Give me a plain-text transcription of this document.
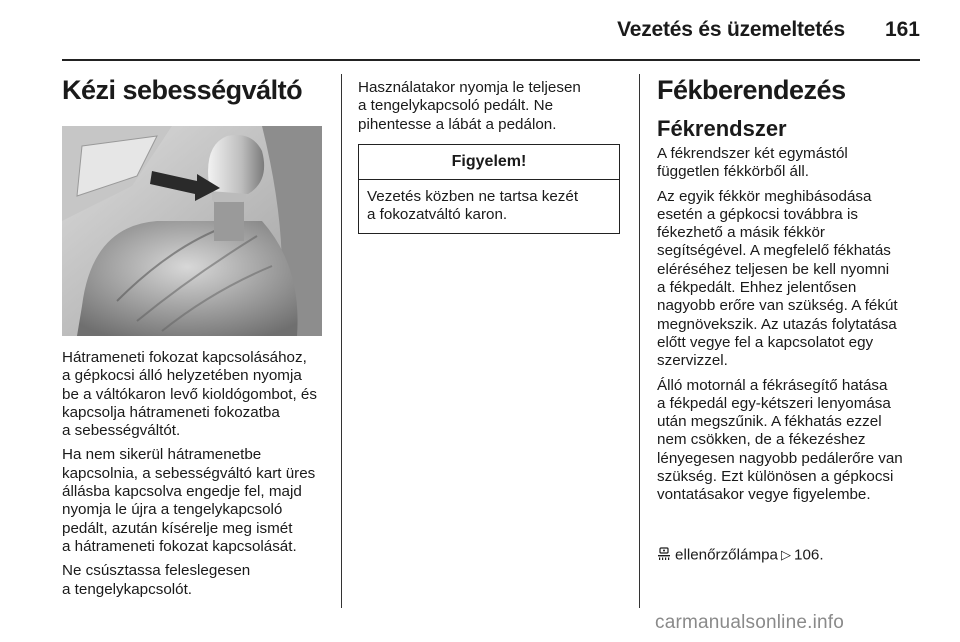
Vezetés és üzemeltetés	161
Kézi sebességváltó

Hátrameneti fokozat kapcsolásához,
a gépkocsi álló helyzetében nyomja
be a váltókaron levő kioldógombot, és
kapcsolja hátrameneti fokozatba
a sebességváltót.

Ha nem sikerül hátramenetbe
kapcsolnia, a sebességváltó kart üres
állásba kapcsolva engedje fel, majd
nyomja le újra a tengelykapcsoló
pedált, azután kísérelje meg ismét
a hátrameneti fokozat kapcsolását.

Ne csúsztassa feleslegesen
a tengelykapcsolót.

Használatakor nyomja le teljesen
a tengelykapcsoló pedált. Ne
pihentesse a lábát a pedálon.

Figyelem!
Vezetés közben ne tartsa kezét
a fokozatváltó karon.
Fékberendezés
Fékrendszer

A fékrendszer két egymástól
független fékkörből áll.

Az egyik fékkör meghibásodása
esetén a gépkocsi továbbra is
fékezhető a másik fékkör
segítségével. A megfelelő fékhatás
eléréséhez teljesen be kell nyomni
a fékpedált. Ehhez jelentősen
nagyobb erőre van szükség. A fékút
megnövekszik. Az utazás folytatása
előtt vegye fel a kapcsolatot egy
szervizzel.

Álló motornál a fékrásegítő hatása
a fékpedál egy-kétszeri lenyomása
után megszűnik. A fékhatás ezzel
nem csökken, de a fékezéshez
lényegesen nagyobb pedálerőre van
szükség. Ezt különösen a gépkocsi
vontatásakor vegye figyelembe.

ellenőrzőlámpa ▷ 106.

carmanualsonline.info
